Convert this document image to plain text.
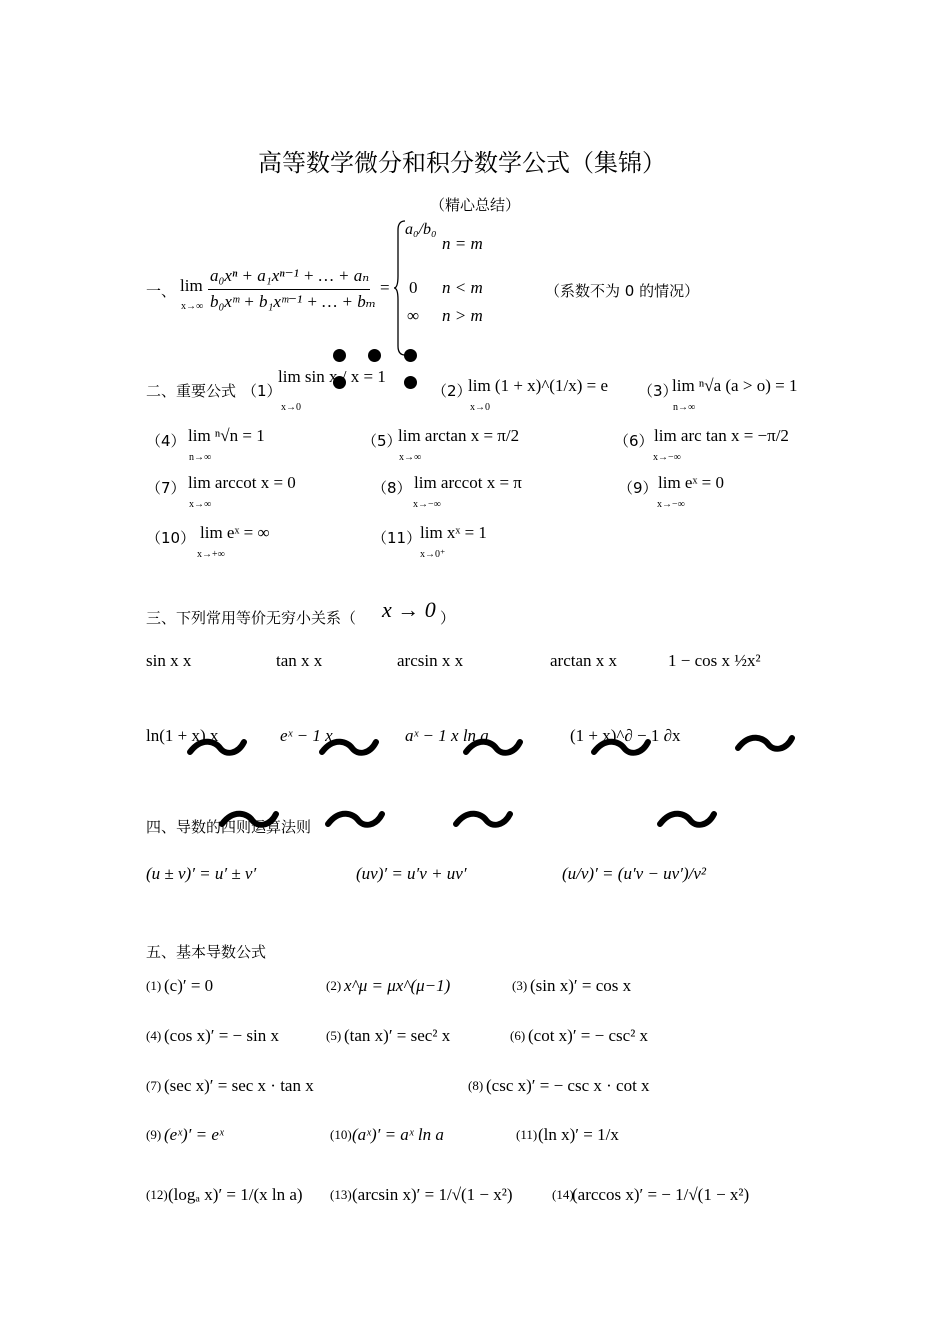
高等数学微分和积分数学公式（集锦）
（精心总结）
一、 lim
x→∞
a₀xⁿ + a₁xⁿ⁻¹ + … + aₙ
b₀xᵐ + b₁xᵐ⁻¹ + … + bₘ
=
a₀/b₀
n = m
0 n < m
∞ n > m
（系数不为 0 的情况）
二、重要公式 （1）
lim sin x / x = 1
x→0
（2）
lim (1 + x)^(1/x) = e
x→0
（3）
lim ⁿ√a (a > o) = 1
n→∞
（4） lim ⁿ√n = 1
n→∞
（5）
lim arctan x = π/2
x→∞
（6） lim arc tan x = −π/2
x→−∞
（7） lim arccot x = 0
x→∞
（8） lim arccot x = π
x→−∞
（9） lim eˣ = 0
x→−∞
（10） lim eˣ = ∞
x→+∞
（11）
lim xˣ = 1
x→0⁺
三、下列常用等价无穷小关系（ x → 0 ）
sin x x	tan x x	arcsin x x	arctan x x	1 − cos x ½x²
ln(1 + x) x	eˣ − 1 x	aˣ − 1 x ln a	(1 + x)^∂ − 1 ∂x
四、导数的四则运算法则
(u ± v)′ = u′ ± v′	(uv)′ = u′v + uv′	(u/v)′ = (u′v − uv′)/v²
五、基本导数公式
(1) (c)′ = 0	(2) x^μ = μx^(μ−1)	(3) (sin x)′ = cos x
(4) (cos x)′ = − sin x	(5) (tan x)′ = sec² x	(6) (cot x)′ = − csc² x
(7) (sec x)′ = sec x · tan x	(8) (csc x)′ = − csc x · cot x
(9) (eˣ)′ = eˣ	(10) (aˣ)′ = aˣ ln a	(11) (ln x)′ = 1/x
(12) (logₐ x)′ = 1/(x ln a) (13) (arcsin x)′ = 1/√(1 − x²)	(14)
(arccos x)′ = − 1/√(1 − x²)
